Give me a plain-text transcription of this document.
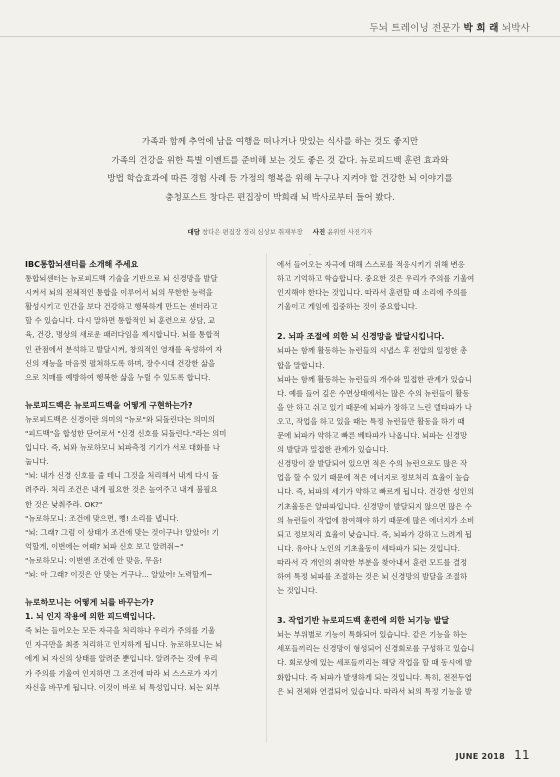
두뇌 트레이닝 전문가 박 희 래 뇌박사
가족과 함께 추억에 남을 여행을 떠나거나 맛있는 식사를 하는 것도 좋지만
가족의 건강을 위한 특별 이벤트를 준비해 보는 것도 좋은 것 같다. 뉴로피드백 훈련 효과와
방법 학습효과에 따른 경험 사례 등 가정의 행복을 위해 누구나 지켜야 할 건강한 뇌 이야기를
충청포스트 창다은 편집장이 박희래 뇌 박사로부터 들어 봤다.
대담 창다은 편집장 정리 심상보 취재부장 사진 윤위헌 사진기자
·

IBC통합뇌센터를 소개해 주세요

통합뇌센터는 뉴로피드백 기술을 기반으로 뇌 신경망을 발달

시켜서 뇌의 전체적인 통합을 이루어서 뇌의 무한한 능력을

활성시키고 인간을 보다 건강하고 행복하게 만드는 센터라고

할 수 있습니다. 다시 말하면 통합적인 뇌 훈련으로 상담, 교

육, 건강, 명상의 새로운 패러다임을 제시합니다. 뇌를 통합적

인 관점에서 분석하고 발달시켜, 창의적인 영재를 육성하여 자

신의 재능을 마음껏 펼쳐하도록 하며, 장수시대 건강한 삶을

으로 치매를 예방하여 행복한 삶을 누릴 수 있도록 합니다.

뉴로피드백은 뉴로피드백을 어떻게 구현하는가?

뉴로피드백은 신경이란 의미의 "뉴로"와 되돌린다는 의미의

"피드백"을 합성한 단어로서 "신경 신호를 되돌린다."라는 의미

입니다. 즉, 뇌와 뉴로하모니 뇌파측정 기기가 서로 대화를 나

눕니다.

"뇌: 내가 신경 신호를 줄 테니 그것을 처리해서 내게 다시 돌

려주라. 처리 조건은 내게 필요한 것은 높여주고 내게 불필요

한 것은 낮춰주라. OK?"

"뉴로하모니: 조건에 맞으면, 뻥! 소리를 냅니다.

"뇌: 그래? 그럼 이 상태가 조건에 맞는 것이구나! 알았어! 기

억할게, 이번에는 어때? 뇌파 신호 보고 알려줘~"

"뉴로하모니: 이번엔 조건에 안 맞음, 무음!

"뇌: 아 그래? 이것은 안 맞는 거구나... 알았어! 노력할게~

뉴로하모니는 어떻게 뇌를 바꾸는가?

1. 뇌 인지 작용에 의한 피드백입니다.

즉 뇌는 들어오는 모든 자극을 처리하나 우리가 주의를 기울

인 자극만을 최종 처리하고 인지하게 됩니다. 뉴로하모니는 뇌

에게 뇌 자신의 상태를 알려준 뿐입니다. 알려주는 것에 우리

가 주의를 기울여 인지하면 그 조건에 따라 뇌 스스로가 자기

자신을 바꾸게 됩니다. 이것이 바로 뇌 특성입니다. 뇌는 외부

에서 들어오는 자극에 대해 스스로를 적응시키기 위해 변응

하고 기억하고 학습합니다. 중요한 것은 우리가 주의를 기울여

인지해야 한다는 것입니다. 따라서 훈련할 때 소리에 주의를

기울이고 게임에 집중하는 것이 중요합니다.

2. 뇌파 조절에 의한 뇌 신경망을 발달시킵니다.

뇌파는 함께 활동하는 뉴런들의 시냅스 후 전압의 일정한 총

합을 말합니다.

뇌파는 함께 활동하는 뉴런들의 개수와 밀접한 관계가 있습니

다. 예를 들어 깊은 수면상태에서는 많은 수의 뉴런들이 활동

을 안 하고 쉬고 있기 때문에 뇌파가 장하고 느린 델타파가 나

오고, 작업을 하고 있을 때는 특정 뉴런들만 활동을 하기 때

문에 뇌파가 약하고 빠른 베타파가 나옵니다. 뇌파는 신경망

의 발달과 밀접한 관계가 있습니다.

신경망이 잘 발달되어 있으면 적은 수의 뉴런으로도 많은 작

업을 할 수 있기 때문에 적은 에너지로 정보처리 효율이 높습

니다. 즉, 뇌파의 세기가 약하고 빠르게 됩니다. 건강한 성인의

기초율동은 알파파입니다. 신경망이 발달되지 않으면 많은 수

의 뉴런들이 작업에 참여해야 하기 때문에 많은 에너지가 소비

되고 정보처리 효율이 낮습니다. 즉, 뇌파가 강하고 느려게 됩

니다. 유아나 노인의 기초율동이 세타파가 되는 것입니다.

따라서 각 개인의 취약한 부분을 찾아내서 훈련 모드를 결정

하여 특정 뇌파를 조절하는 것은 뇌 신경망의 발달을 조절하

는 것입니다.

3. 작업기반 뉴로피드백 훈련에 의한 뇌기능 발달

뇌는 부위별로 기능이 특화되어 있습니다. 같은 기능을 하는

세포들끼리는 신경망이 형성되어 신경회로를 구성하고 있습니

다. 회로상에 있는 세포들끼리는 해당 작업을 할 때 동시에 발

화합니다. 즉 뇌파가 발생하게 되는 것입니다. 특히, 전전두엽

은 뇌 전체와 연결되어 있습니다. 따라서 뇌의 특정 기능을 발

JUNE 2018 11
